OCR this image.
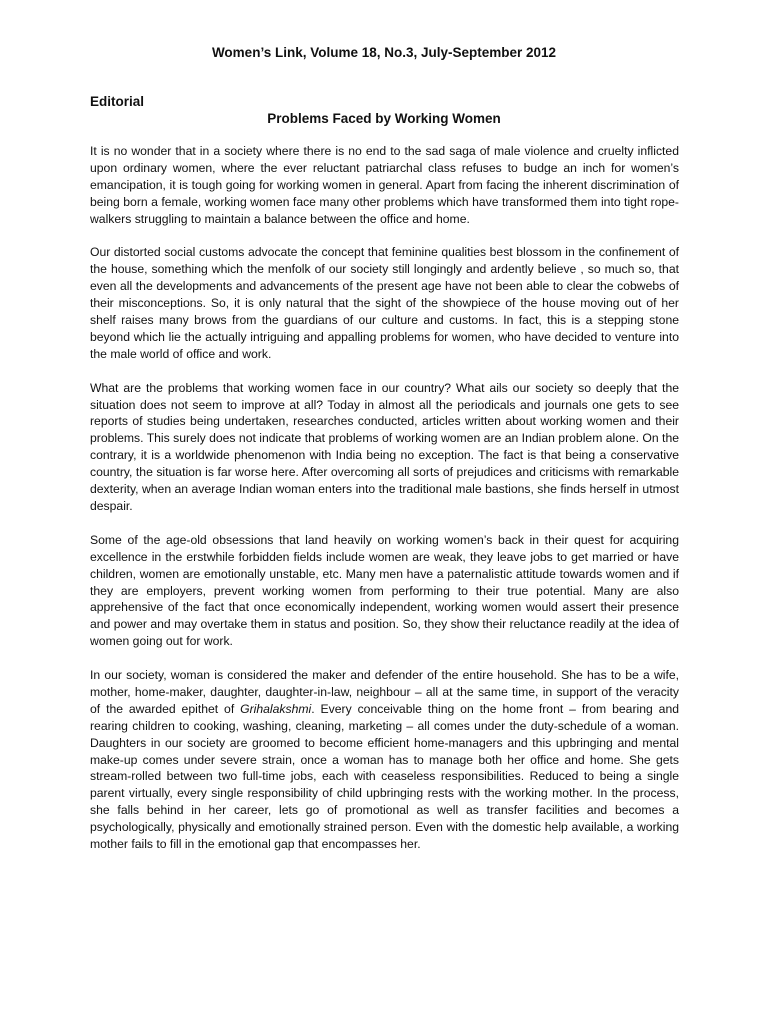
Women’s Link, Volume 18, No.3, July-September 2012
Editorial
Problems Faced by Working Women

It is no wonder that in a society where there is no end to the sad saga of male violence and cruelty inflicted upon ordinary women, where the ever reluctant patriarchal class refuses to budge an inch for women’s emancipation, it is tough going for working women in general. Apart from facing the inherent discrimination of being born a female, working women face many other problems which have transformed them into tight rope-walkers struggling to maintain a balance between the office and home.

Our distorted social customs advocate the concept that feminine qualities best blossom in the confinement of the house, something which the menfolk of our society still longingly and ardently believe , so much so, that even all the developments and advancements of the present age have not been able to clear the cobwebs of their misconceptions. So, it is only natural that the sight of the showpiece of the house moving out of her shelf raises many brows from the guardians of our culture and customs. In fact, this is a stepping stone beyond which lie the actually intriguing and appalling problems for women, who have decided to venture into the male world of office and work.

What are the problems that working women face in our country? What ails our society so deeply that the situation does not seem to improve at all? Today in almost all the periodicals and journals one gets to see reports of studies being undertaken, researches conducted, articles written about working women and their problems. This surely does not indicate that problems of working women are an Indian problem alone. On the contrary, it is a worldwide phenomenon with India being no exception. The fact is that being a conservative country, the situation is far worse here. After overcoming all sorts of prejudices and criticisms with remarkable dexterity, when an average Indian woman enters into the traditional male bastions, she finds herself in utmost despair.

Some of the age-old obsessions that land heavily on working women’s back in their quest for acquiring excellence in the erstwhile forbidden fields include women are weak, they leave jobs to get married or have children, women are emotionally unstable, etc. Many men have a paternalistic attitude towards women and if they are employers, prevent working women from performing to their true potential. Many are also apprehensive of the fact that once economically independent, working women would assert their presence and power and may overtake them in status and position. So, they show their reluctance readily at the idea of women going out for work.

In our society, woman is considered the maker and defender of the entire household. She has to be a wife, mother, home-maker, daughter, daughter-in-law, neighbour – all at the same time, in support of the veracity of the awarded epithet of Grihalakshmi. Every conceivable thing on the home front – from bearing and rearing children to cooking, washing, cleaning, marketing – all comes under the duty-schedule of a woman. Daughters in our society are groomed to become efficient home-managers and this upbringing and mental make-up comes under severe strain, once a woman has to manage both her office and home. She gets stream-rolled between two full-time jobs, each with ceaseless responsibilities. Reduced to being a single parent virtually, every single responsibility of child upbringing rests with the working mother. In the process, she falls behind in her career, lets go of promotional as well as transfer facilities and becomes a psychologically, physically and emotionally strained person. Even with the domestic help available, a working mother fails to fill in the emotional gap that encompasses her.
